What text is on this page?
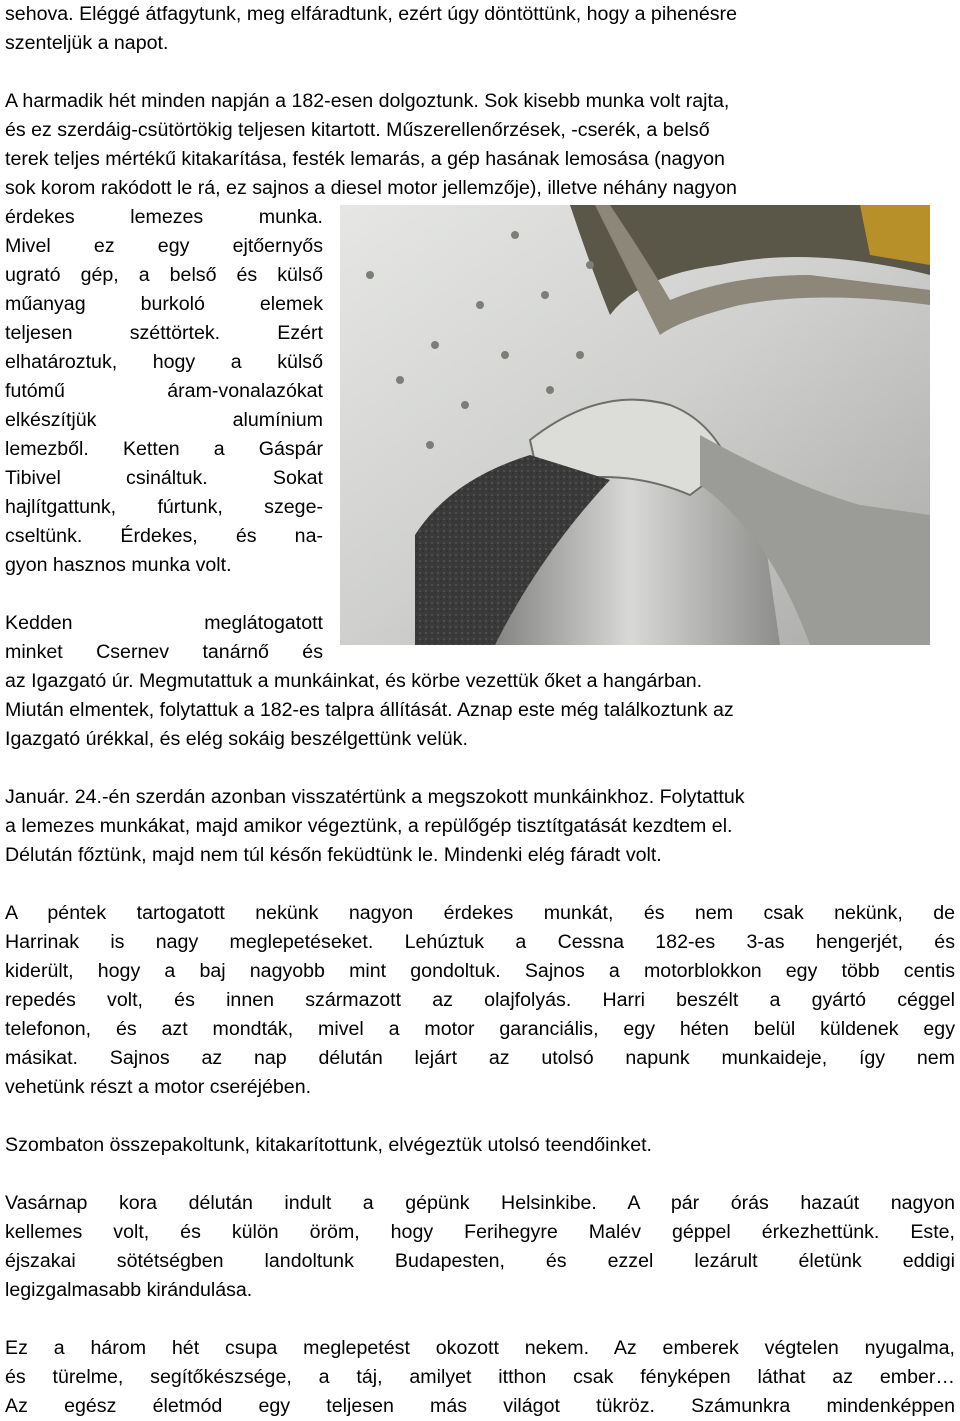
sehova. Eléggé átfagytunk, meg elfáradtunk, ezért úgy döntöttünk, hogy a pihenésre

szenteljük a napot.

A harmadik hét minden napján a 182-esen dolgoztunk. Sok kisebb munka volt rajta,

és ez szerdáig-csütörtökig teljesen kitartott. Műszerellenőrzések, -cserék, a belső

terek teljes mértékű kitakarítása, festék lemarás, a gép hasának lemosása (nagyon

sok korom rakódott le rá, ez sajnos a diesel motor jellemzője), illetve néhány nagyon

érdekes lemezes munka.

Mivel ez egy ejtőernyős

ugrató gép, a belső és külső

műanyag burkoló elemek

teljesen széttörtek. Ezért

elhatároztuk, hogy a külső

futómű áram-vonalazókat

elkészítjük alumínium

lemezből. Ketten a Gáspár

Tibivel csináltuk. Sokat

hajlítgattunk, fúrtunk, szege-

cseltünk. Érdekes, és na-

gyon hasznos munka volt.

Kedden meglátogatott

minket Csernev tanárnő és

az Igazgató úr. Megmutattuk a munkáinkat, és körbe vezettük őket a hangárban.

Miután elmentek, folytattuk a 182-es talpra állítását. Aznap este még találkoztunk az

Igazgató úrékkal, és elég sokáig beszélgettünk velük.

Január. 24.-én szerdán azonban visszatértünk a megszokott munkáinkhoz. Folytattuk

a lemezes munkákat, majd amikor végeztünk, a repülőgép tisztítgatását kezdtem el.

Délután főztünk, majd nem túl későn feküdtünk le. Mindenki elég fáradt volt.

A péntek tartogatott nekünk nagyon érdekes munkát, és nem csak nekünk, de

Harrinak is nagy meglepetéseket. Lehúztuk a Cessna 182-es 3-as hengerjét, és

kiderült, hogy a baj nagyobb mint gondoltuk. Sajnos a motorblokkon egy több centis

repedés volt, és innen származott az olajfolyás. Harri beszélt a gyártó céggel

telefonon, és azt mondták, mivel a motor garanciális, egy héten belül küldenek egy

másikat. Sajnos az nap délután lejárt az utolsó napunk munkaideje, így nem

vehetünk részt a motor cseréjében.

Szombaton összepakoltunk, kitakarítottunk, elvégeztük utolsó teendőinket.

Vasárnap kora délután indult a gépünk Helsinkibe. A pár órás hazaút nagyon

kellemes volt, és külön öröm, hogy Ferihegyre Malév géppel érkezhettünk. Este,

éjszakai sötétségben landoltunk Budapesten, és ezzel lezárult életünk eddigi

legizgalmasabb kirándulása.

Ez a három hét csupa meglepetést okozott nekem. Az emberek végtelen nyugalma,

és türelme, segítőkészsége, a táj, amilyet itthon csak fényképen láthat az ember…

Az egész életmód egy teljesen más világot tükröz. Számunkra mindenképpen
